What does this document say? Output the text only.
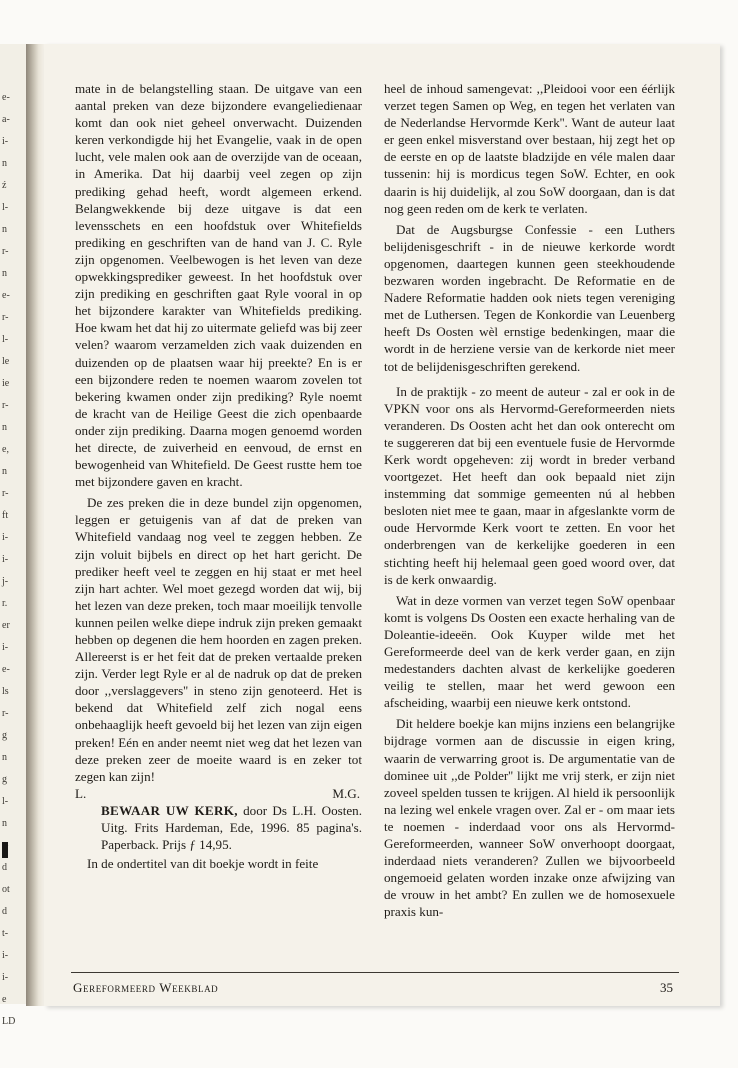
e-
a-
i-
n
ź
l-
n
r-
n
e-
r-
l-
le
ie
r-
n
e,
n
r-
ft
i-
i-
j-
r.
er
i-
e-
ls
r-
g
n
g
l-
n
d
ot
d
t-
i-
i-
e
LD

mate in de belangstelling staan. De uitgave van een aantal preken van deze bijzondere evangeliedienaar komt dan ook niet geheel onverwacht. Duizenden keren verkondigde hij het Evangelie, vaak in de open lucht, vele malen ook aan de overzijde van de oceaan, in Amerika. Dat hij daarbij veel zegen op zijn prediking gehad heeft, wordt algemeen erkend. Belangwekkende bij deze uitgave is dat een levensschets en een hoofdstuk over Whitefields prediking en geschriften van de hand van J. C. Ryle zijn opgenomen. Veelbewogen is het leven van deze opwekkingsprediker geweest. In het hoofdstuk over zijn prediking en geschriften gaat Ryle vooral in op het bijzondere karakter van Whitefields prediking. Hoe kwam het dat hij zo uitermate geliefd was bij zeer velen? waarom verzamelden zich vaak duizenden en duizenden op de plaatsen waar hij preekte? En is er een bijzondere reden te noemen waarom zovelen tot bekering kwamen onder zijn prediking? Ryle noemt de kracht van de Heilige Geest die zich openbaarde onder zijn prediking. Daarna mogen genoemd worden het directe, de zuiverheid en eenvoud, de ernst en bewogenheid van Whitefield. De Geest rustte hem toe met bijzondere gaven en kracht.

De zes preken die in deze bundel zijn opgenomen, leggen er getuigenis van af dat de preken van Whitefield vandaag nog veel te zeggen hebben. Ze zijn voluit bijbels en direct op het hart gericht. De prediker heeft veel te zeggen en hij staat er met heel zijn hart achter. Wel moet gezegd worden dat wij, bij het lezen van deze preken, toch maar moeilijk tenvolle kunnen peilen welke diepe indruk zijn preken gemaakt hebben op degenen die hem hoorden en zagen preken. Allereerst is er het feit dat de preken vertaalde preken zijn. Verder legt Ryle er al de nadruk op dat de preken door ,,verslaggevers'' in steno zijn genoteerd. Het is bekend dat Whitefield zelf zich nogal eens onbehaaglijk heeft gevoeld bij het lezen van zijn eigen preken! Eén en ander neemt niet weg dat het lezen van deze preken zeer de moeite waard is en zeker tot zegen kan zijn!

L.	M.G.

BEWAAR UW KERK, door Ds L.H. Oosten. Uitg. Frits Hardeman, Ede, 1996. 85 pagina's. Paperback. Prijs ƒ 14,95.

In de ondertitel van dit boekje wordt in feite

heel de inhoud samengevat: ,,Pleidooi voor een éérlijk verzet tegen Samen op Weg, en tegen het verlaten van de Nederlandse Hervormde Kerk''. Want de auteur laat er geen enkel misverstand over bestaan, hij zegt het op de eerste en op de laatste bladzijde en véle malen daar tussenin: hij is mordicus tegen SoW. Echter, en ook daarin is hij duidelijk, al zou SoW doorgaan, dan is dat nog geen reden om de kerk te verlaten.

Dat de Augsburgse Confessie - een Luthers belijdenisgeschrift - in de nieuwe kerkorde wordt opgenomen, daartegen kunnen geen steekhoudende bezwaren worden ingebracht. De Reformatie en de Nadere Reformatie hadden ook niets tegen vereniging met de Luthersen. Tegen de Konkordie van Leuenberg heeft Ds Oosten wèl ernstige bedenkingen, maar die wordt in de herziene versie van de kerkorde niet meer tot de belijdenisgeschriften gerekend.

In de praktijk - zo meent de auteur - zal er ook in de VPKN voor ons als Hervormd-Gereformeerden niets veranderen. Ds Oosten acht het dan ook onterecht om te suggereren dat bij een eventuele fusie de Hervormde Kerk wordt opgeheven: zij wordt in breder verband voortgezet. Het heeft dan ook bepaald niet zijn instemming dat sommige gemeenten nú al hebben besloten niet mee te gaan, maar in afgeslankte vorm de oude Hervormde Kerk voort te zetten. En voor het onderbrengen van de kerkelijke goederen in een stichting heeft hij helemaal geen goed woord over, dat is de kerk onwaardig.

Wat in deze vormen van verzet tegen SoW openbaar komt is volgens Ds Oosten een exacte herhaling van de Doleantie-ideeën. Ook Kuyper wilde met het Gereformeerde deel van de kerk verder gaan, en zijn medestanders dachten alvast de kerkelijke goederen veilig te stellen, maar het werd gewoon een afscheiding, waarbij een nieuwe kerk ontstond.

Dit heldere boekje kan mijns inziens een belangrijke bijdrage vormen aan de discussie in eigen kring, waarin de verwarring groot is. De argumentatie van de dominee uit ,,de Polder'' lijkt me vrij sterk, er zijn niet zoveel spelden tussen te krijgen. Al hield ik persoonlijk na lezing wel enkele vragen over. Zal er - om maar iets te noemen - inderdaad voor ons als Hervormd-Gereformeerden, wanneer SoW onverhoopt doorgaat, inderdaad niets veranderen? Zullen we bijvoorbeeld ongemoeid gelaten worden inzake onze afwijzing van de vrouw in het ambt? En zullen we de homosexuele praxis kun-

Gereformeerd Weekblad	35
